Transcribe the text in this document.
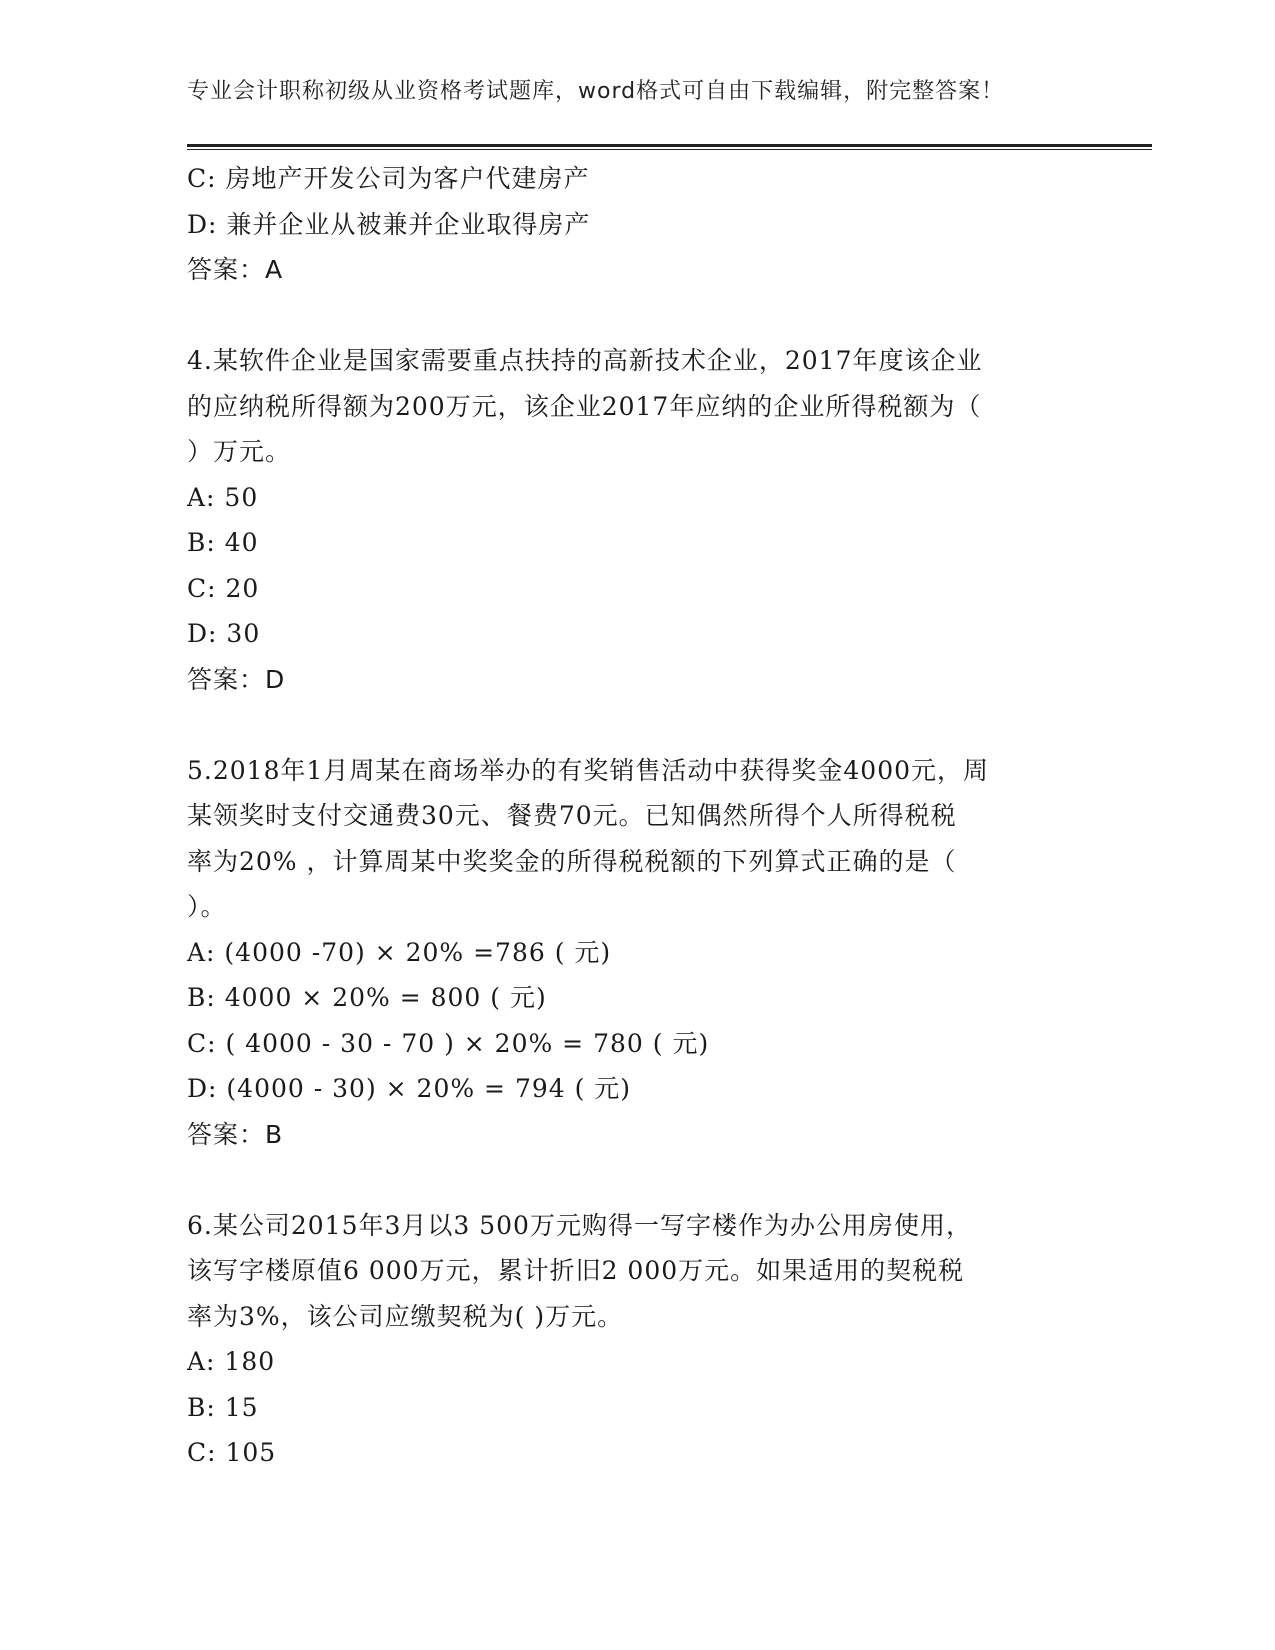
专业会计职称初级从业资格考试题库，word格式可自由下载编辑，附完整答案！
C: 房地产开发公司为客户代建房产
D: 兼并企业从被兼并企业取得房产
答案：A
4.某软件企业是国家需要重点扶持的高新技术企业，2017年度该企业
的应纳税所得额为200万元，该企业2017年应纳的企业所得税额为（
）万元。
A: 50
B: 40
C: 20
D: 30
答案：D
5.2018年1月周某在商场举办的有奖销售活动中获得奖金4000元，周
某领奖时支付交通费30元、餐费70元。已知偶然所得个人所得税税
率为20% ，计算周某中奖奖金的所得税税额的下列算式正确的是（
）。
A: (4000 -70) × 20% =786 ( 元)
B: 4000 × 20% = 800 ( 元)
C: ( 4000 - 30 - 70 ) × 20% = 780 ( 元)
D: (4000 - 30) × 20% = 794 ( 元)
答案：B
6.某公司2015年3月以3 500万元购得一写字楼作为办公用房使用，
该写字楼原值6 000万元，累计折旧2 000万元。如果适用的契税税
率为3%，该公司应缴契税为( )万元。
A: 180
B: 15
C: 105
